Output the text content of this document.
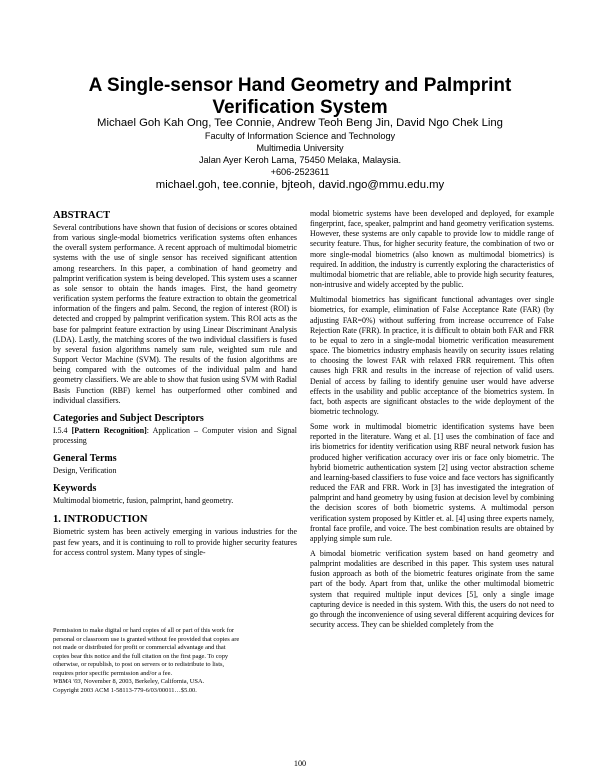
A Single-sensor Hand Geometry and Palmprint
Verification System
Michael Goh Kah Ong, Tee Connie, Andrew Teoh Beng Jin, David Ngo Chek Ling
Faculty of Information Science and Technology
Multimedia University
Jalan Ayer Keroh Lama, 75450 Melaka, Malaysia.
+606-2523611
michael.goh, tee.connie, bjteoh, david.ngo@mmu.edu.my
ABSTRACT

Several contributions have shown that fusion of decisions or scores obtained from various single-modal biometrics verification systems often enhances the overall system performance. A recent approach of multimodal biometric systems with the use of single sensor has received significant attention among researchers. In this paper, a combination of hand geometry and palmprint verification system is being developed. This system uses a scanner as sole sensor to obtain the hands images. First, the hand geometry verification system performs the feature extraction to obtain the geometrical information of the fingers and palm. Second, the region of interest (ROI) is detected and cropped by palmprint verification system. This ROI acts as the base for palmprint feature extraction by using Linear Discriminant Analysis (LDA). Lastly, the matching scores of the two individual classifiers is fused by several fusion algorithms namely sum rule, weighted sum rule and Support Vector Machine (SVM). The results of the fusion algorithms are being compared with the outcomes of the individual palm and hand geometry classifiers. We are able to show that fusion using SVM with Radial Basis Function (RBF) kernel has outperformed other combined and individual classifiers.

Categories and Subject Descriptors

I.5.4 [Pattern Recognition]: Application – Computer vision and Signal processing

General Terms

Design, Verification

Keywords

Multimodal biometric, fusion, palmprint, hand geometry.

1. INTRODUCTION

Biometric system has been actively emerging in various industries for the past few years, and it is continuing to roll to provide higher security features for access control system. Many types of single-

Permission to make digital or hard copies of all or part of this work for
personal or classroom use is granted without fee provided that copies are
not made or distributed for profit or commercial advantage and that
copies bear this notice and the full citation on the first page. To copy
otherwise, or republish, to post on servers or to redistribute to lists,
requires prior specific permission and/or a fee.
WBMA '03, November 8, 2003, Berkeley, California, USA.
Copyright 2003 ACM 1-58113-779-6/03/00011…$5.00.

modal biometric systems have been developed and deployed, for example fingerprint, face, speaker, palmprint and hand geometry verification systems. However, these systems are only capable to provide low to middle range of security feature. Thus, for higher security feature, the combination of two or more single-modal biometrics (also known as multimodal biometrics) is required. In addition, the industry is currently exploring the characteristics of multimodal biometric that are reliable, able to provide high security features, non-intrusive and widely accepted by the public.

Multimodal biometrics has significant functional advantages over single biometrics, for example, elimination of False Acceptance Rate (FAR) (by adjusting FAR=0%) without suffering from increase occurrence of False Rejection Rate (FRR). In practice, it is difficult to obtain both FAR and FRR to be equal to zero in a single-modal biometric verification measurement space. The biometrics industry emphasis heavily on security issues relating to choosing the lowest FAR with relaxed FRR requirement. This often causes high FRR and results in the increase of rejection of valid users. Denial of access by failing to identify genuine user would have adverse effects in the usability and public acceptance of the biometrics system. In fact, both aspects are significant obstacles to the wide deployment of the biometric technology.

Some work in multimodal biometric identification systems have been reported in the literature. Wang et al. [1] uses the combination of face and iris biometrics for identity verification using RBF neural network fusion has produced higher verification accuracy over iris or face only biometric. The hybrid biometric authentication system [2] using vector abstraction scheme and learning-based classifiers to fuse voice and face vectors has significantly reduced the FAR and FRR. Work in [3] has investigated the integration of palmprint and hand geometry by using fusion at decision level by combining the decision scores of both biometric systems. A multimodal person verification system proposed by Kittler et. al. [4] using three experts namely, frontal face profile, and voice. The best combination results are obtained by applying simple sum rule.

A bimodal biometric verification system based on hand geometry and palmprint modalities are described in this paper. This system uses natural fusion approach as both of the biometric features originate from the same part of the body. Apart from that, unlike the other multimodal biometric system that required multiple input devices [5], only a single image capturing device is needed in this system. With this, the users do not need to go through the inconvenience of using several different acquiring devices for security access. They can be shielded completely from the

100
